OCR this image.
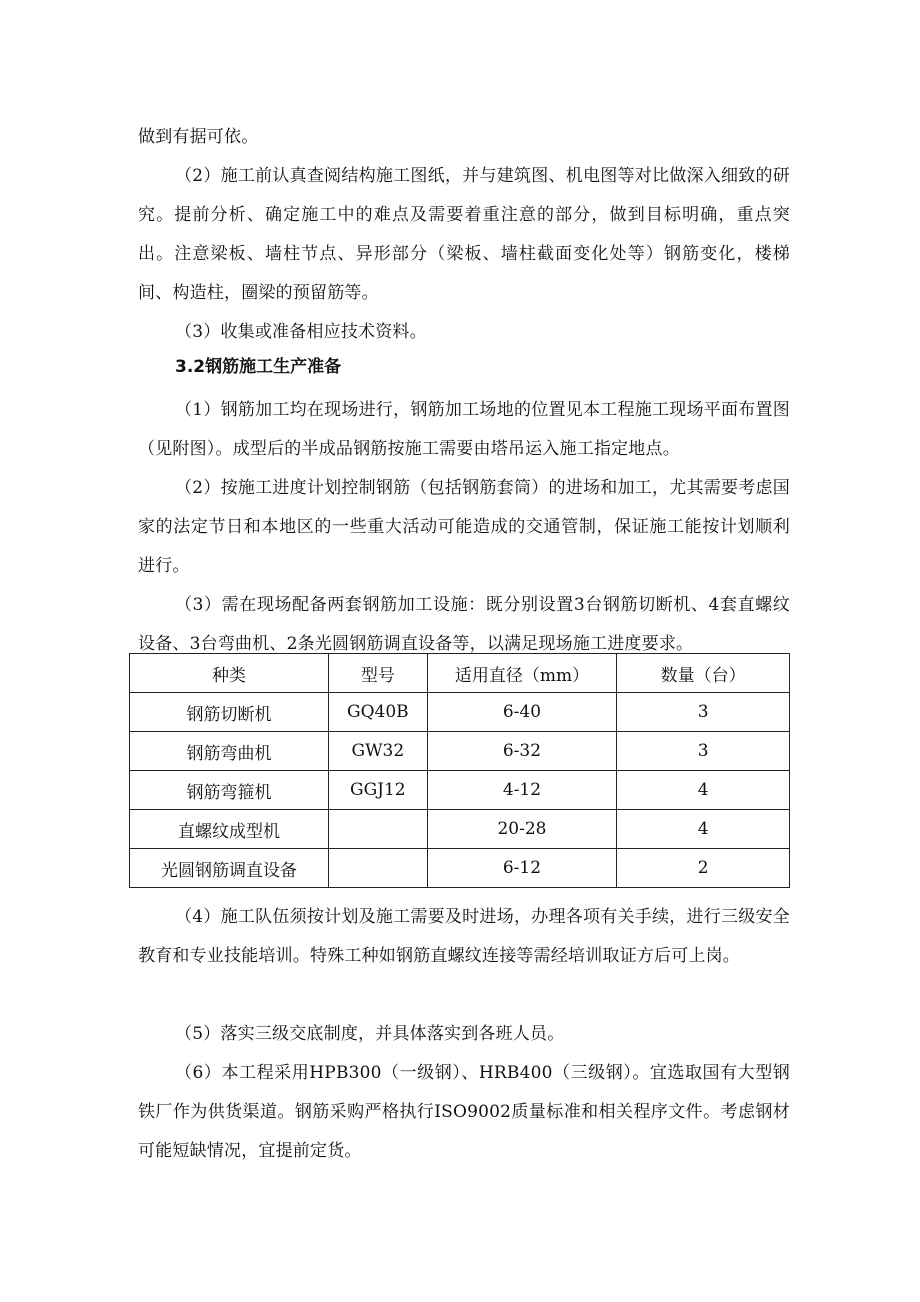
做到有据可依。

（2）施工前认真查阅结构施工图纸，并与建筑图、机电图等对比做深入细致的研究。提前分析、确定施工中的难点及需要着重注意的部分，做到目标明确，重点突出。注意梁板、墙柱节点、异形部分（梁板、墙柱截面变化处等）钢筋变化，楼梯间、构造柱，圈梁的预留筋等。

（3）收集或准备相应技术资料。

3.2钢筋施工生产准备

（1）钢筋加工均在现场进行，钢筋加工场地的位置见本工程施工现场平面布置图（见附图）。成型后的半成品钢筋按施工需要由塔吊运入施工指定地点。

（2）按施工进度计划控制钢筋（包括钢筋套筒）的进场和加工，尤其需要考虑国家的法定节日和本地区的一些重大活动可能造成的交通管制，保证施工能按计划顺利进行。

（3）需在现场配备两套钢筋加工设施：既分别设置3台钢筋切断机、4套直螺纹设备、3台弯曲机、2条光圆钢筋调直设备等，以满足现场施工进度要求。

种类	型号	适用直径（mm）	数量（台）
钢筋切断机	GQ40B	6-40	3
钢筋弯曲机	GW32	6-32	3
钢筋弯箍机	GGJ12	4-12	4
直螺纹成型机		20-28	4
光圆钢筋调直设备		6-12	2

（4）施工队伍须按计划及施工需要及时进场，办理各项有关手续，进行三级安全教育和专业技能培训。特殊工种如钢筋直螺纹连接等需经培训取证方后可上岗。

（5）落实三级交底制度，并具体落实到各班人员。

（6）本工程采用HPB300（一级钢）、HRB400（三级钢）。宜选取国有大型钢铁厂作为供货渠道。钢筋采购严格执行ISO9002质量标准和相关程序文件。考虑钢材可能短缺情况，宜提前定货。
